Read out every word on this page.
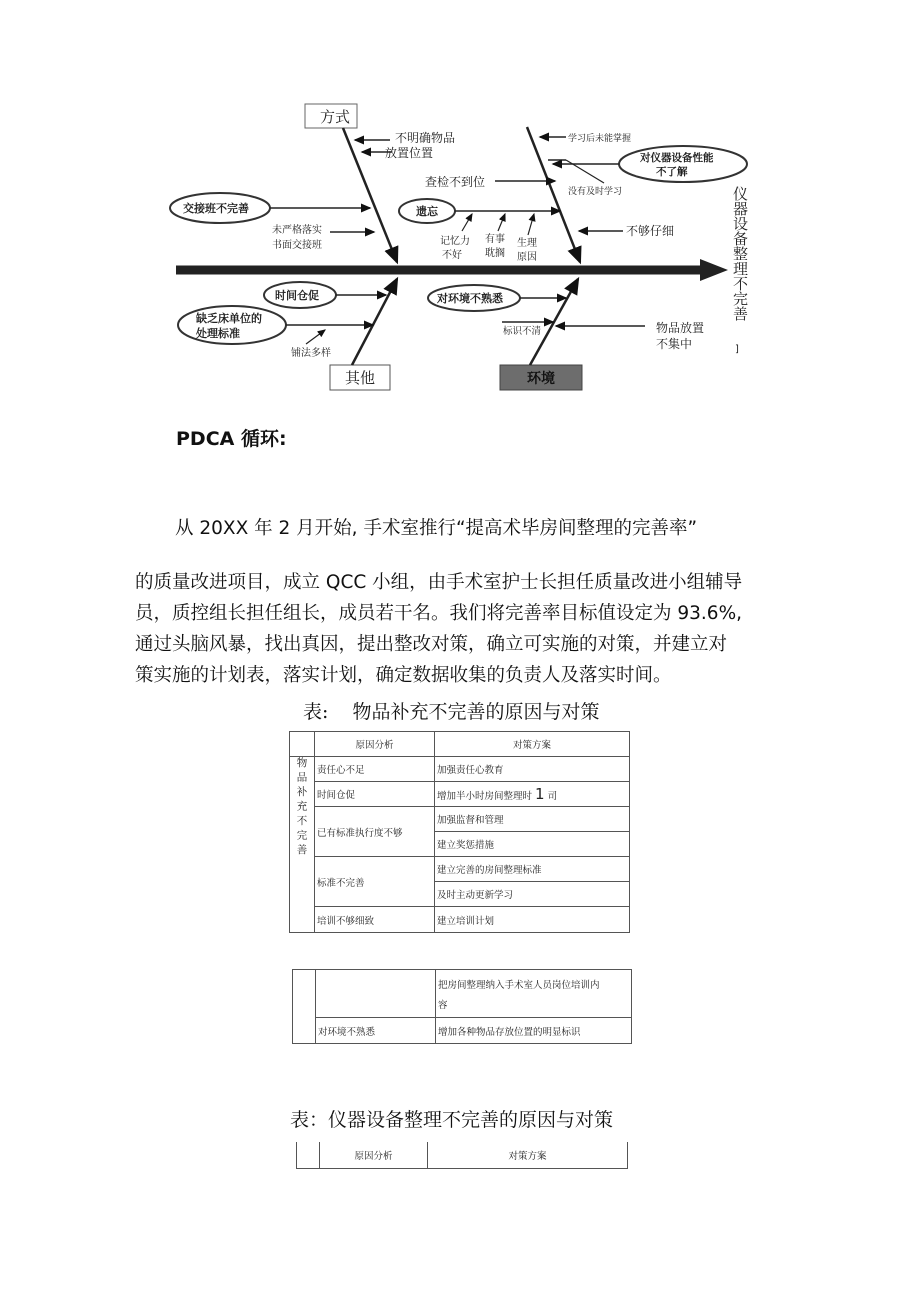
方式
不明确物品
放置位置
交接班不完善
未严格落实
书面交接班
学习后未能掌握
没有及时学习
对仪器设备性能
不了解
查检不到位
遗忘
记忆力
不好
有事
耽搁
生理
原因
不够仔细	仪器设备整理不完善
]
其他
时间仓促
缺乏床单位的
处理标准
铺法多样
环境
对环境不熟悉
标识不清	物品放置
不集中
PDCA 循环:
从 20XX 年 2 月开始, 手术室推行“提高术毕房间整理的完善率”
的质量改进项目，成立 QCC 小组，由手术室护士长担任质量改进小组辅导
员，质控组长担任组长，成员若干名。我们将完善率目标值设定为 93.6%,
通过头脑风暴，找出真因，提出整改对策，确立可实施的对策，并建立对
策实施的计划表，落实计划，确定数据收集的负责人及落实时间。
表:    物品补充不完善的原因与对策
	原因分析	对策方案
物品补充不完善	责任心不足	加强责任心教育
	时间仓促	增加半小时房间整理时 1 司
	已有标准执行度不够	加强监督和管理
		建立奖惩措施
	标准不完善	建立完善的房间整理标准
		及时主动更新学习
	培训不够细致	建立培训计划

		把房间整理纳入手术室人员岗位培训内
容

	对环境不熟悉	增加各种物品存放位置的明显标识
表：仪器设备整理不完善的原因与对策
	原因分析	对策方案
